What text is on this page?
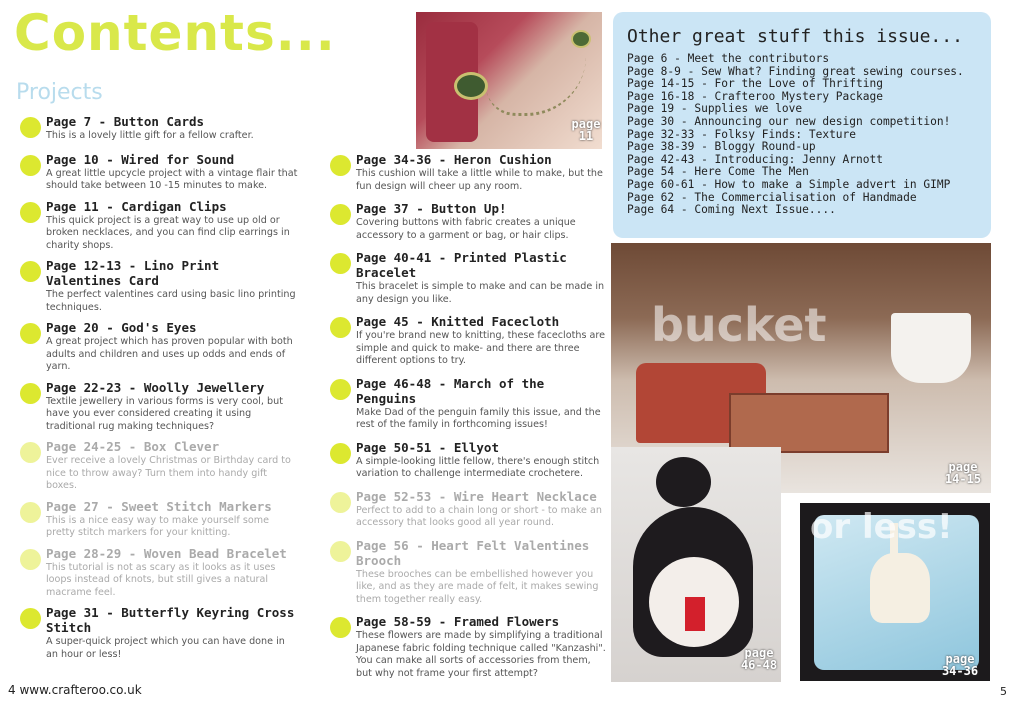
Contents...
Projects
Page 7 - Button Cards

This is a lovely little gift for a fellow crafter.

Page 10 - Wired for Sound

A great little upcycle project with a vintage flair that should take between 10 -15 minutes to make.

Page 11 - Cardigan Clips

This quick project is a great way to use up old or broken necklaces, and you can find clip earrings in charity shops.

Page 12-13 - Lino Print Valentines Card

The perfect valentines card using basic lino printing techniques.

Page 20 - God's Eyes

A great project which has proven popular with both adults and children and uses up odds and ends of yarn.

Page 22-23 - Woolly Jewellery

Textile jewellery in various forms is very cool, but have you ever considered creating it using traditional rug making techniques?

Page 24-25 - Box Clever

Ever receive a lovely Christmas or Birthday card to nice to throw away? Turn them into handy gift boxes.

Page 27 - Sweet Stitch Markers

This is a nice easy way to make yourself some pretty stitch markers for your knitting.

Page 28-29 - Woven Bead Bracelet

This tutorial is not as scary as it looks as it uses loops instead of knots, but still gives a natural macrame feel.

Page 31 - Butterfly Keyring Cross Stitch

A super-quick project which you can have done in an hour or less!

Page 34-36 - Heron Cushion

This cushion will take a little while to make, but the fun design will cheer up any room.

Page 37 - Button Up!

Covering buttons with fabric creates a unique accessory to a garment or bag, or hair clips.

Page 40-41 - Printed Plastic Bracelet

This bracelet is simple to make and can be made in any design you like.

Page 45 - Knitted Facecloth

If you're brand new to knitting, these facecloths are simple and quick to make- and there are three different options to try.

Page 46-48 - March of the Penguins

Make Dad of the penguin family this issue, and the rest of the family in forthcoming issues!

Page 50-51 - Ellyot

A simple-looking little fellow, there's enough stitch variation to challenge intermediate crochetere.

Page 52-53 - Wire Heart Necklace

Perfect to add to a chain long or short - to make an accessory that looks good all year round.

Page 56 - Heart Felt Valentines Brooch

These brooches can be embellished however you like, and as they are made of felt, it makes sewing them together really easy.

Page 58-59 - Framed Flowers

These flowers are made by simplifying a traditional Japanese fabric folding technique called "Kanzashi". You can make all sorts of accessories from them, but why not frame your first attempt?

page 11
Other great stuff this issue...
Page 6 - Meet the contributors
Page 8-9 - Sew What? Finding great sewing courses.
Page 14-15 - For the Love of Thrifting
Page 16-18 - Crafteroo Mystery Package
Page 19 - Supplies we love
Page 30 - Announcing our new design competition!
Page 32-33 - Folksy Finds: Texture
Page 38-39 - Bloggy Round-up
Page 42-43 - Introducing: Jenny Arnott
Page 54 - Here Come The Men
Page 60-61 - How to make a Simple advert in GIMP
Page 62 - The Commercialisation of Handmade
Page 64 - Coming Next Issue....
bucket
page 14-15
page 46-48
or less!
page 34-36
4 www.crafteroo.co.uk	5
